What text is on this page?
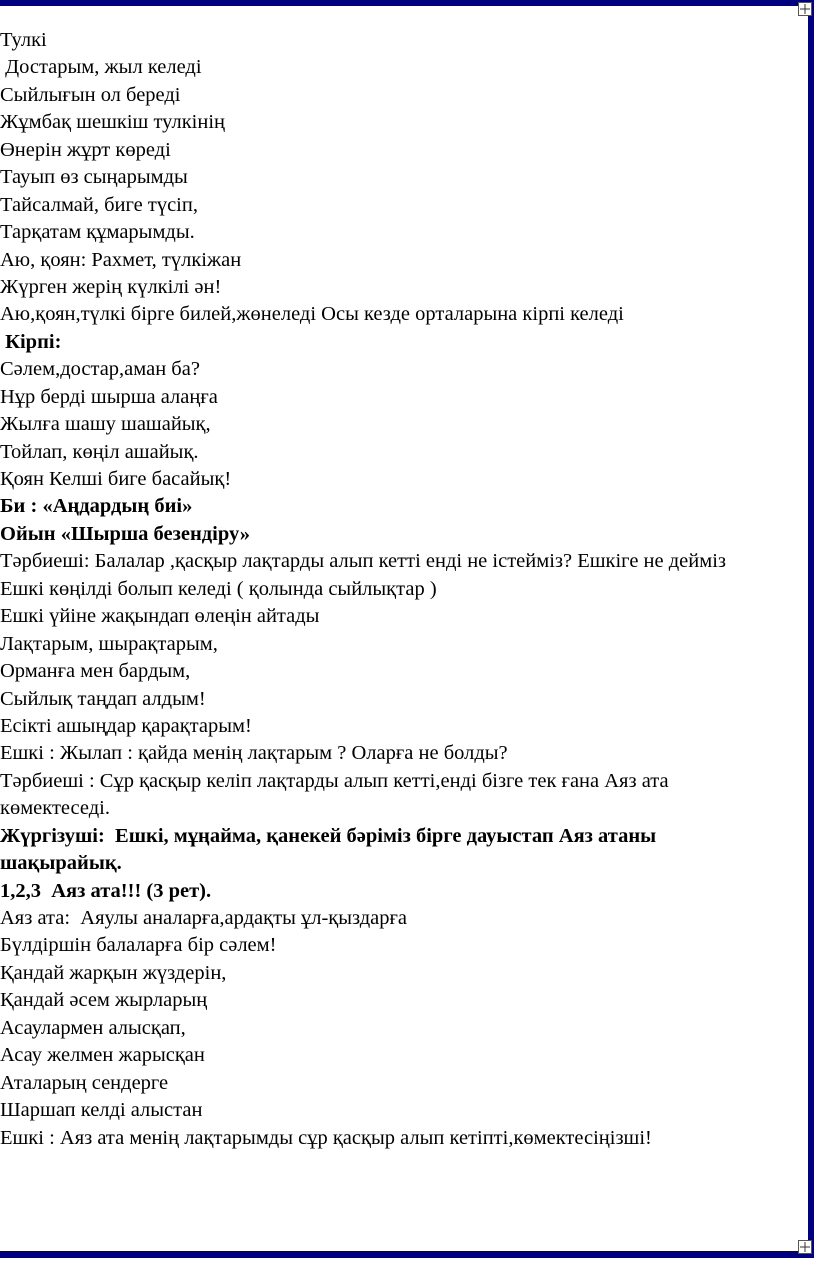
Тулкі
Достарым, жыл келеді
Сыйлығын ол береді
Жұмбақ шешкіш тулкінің
Өнерін жұрт көреді
Тауып өз сыңарымды
Тайсалмай, биге түсіп,
Тарқатам құмарымды.
Аю, қоян: Рахмет, түлкіжан
Жүрген жерің күлкілі əн!
Аю,қоян,түлкі бірге билей,жөнеледі Осы кезде орталарына кірпі келеді
Кірпі:
Сəлем,достар,аман ба?
Нұр берді шырша алаңға
Жылға шашу шашайық,
Тойлап, көңіл ашайық.
Қоян Келші биге басайық!
Би : «Аңдардың биі»
Ойын «Шырша безендіру»
Тəрбиеші: Балалар ,қасқыр лақтарды алып кетті енді не істейміз? Ешкіге не дейміз
Ешкі көңілді болып келеді ( қолында сыйлықтар )
Ешкі үйіне жақындап өлеңін айтады
Лақтарым, шырақтарым,
Орманға мен бардым,
Сыйлық таңдап алдым!
Есікті ашыңдар қарақтарым!
Ешкі : Жылап : қайда менің лақтарым ? Оларға не болды?
Тəрбиеші : Сұр қасқыр келіп лақтарды алып кетті,енді бізге тек ғана Аяз ата
көмектеседі.
Жүргізуші:  Ешкі, мұңайма, қанекей бəріміз бірге дауыстап Аяз атаны
шақырайық.
1,2,3  Аяз ата!!! (3 рет).
Аяз ата:  Аяулы аналарға,ардақты ұл-қыздарға
Бүлдіршін балаларға бір сəлем!
Қандай жарқын жүздерін,
Қандай əсем жырларың
Асаулармен алысқап,
Асау желмен жарысқан
Аталарың сендерге
Шаршап келді алыстан
Ешкі : Аяз ата менің лақтарымды сұр қасқыр алып кетіпті,көмектесіңізші!
